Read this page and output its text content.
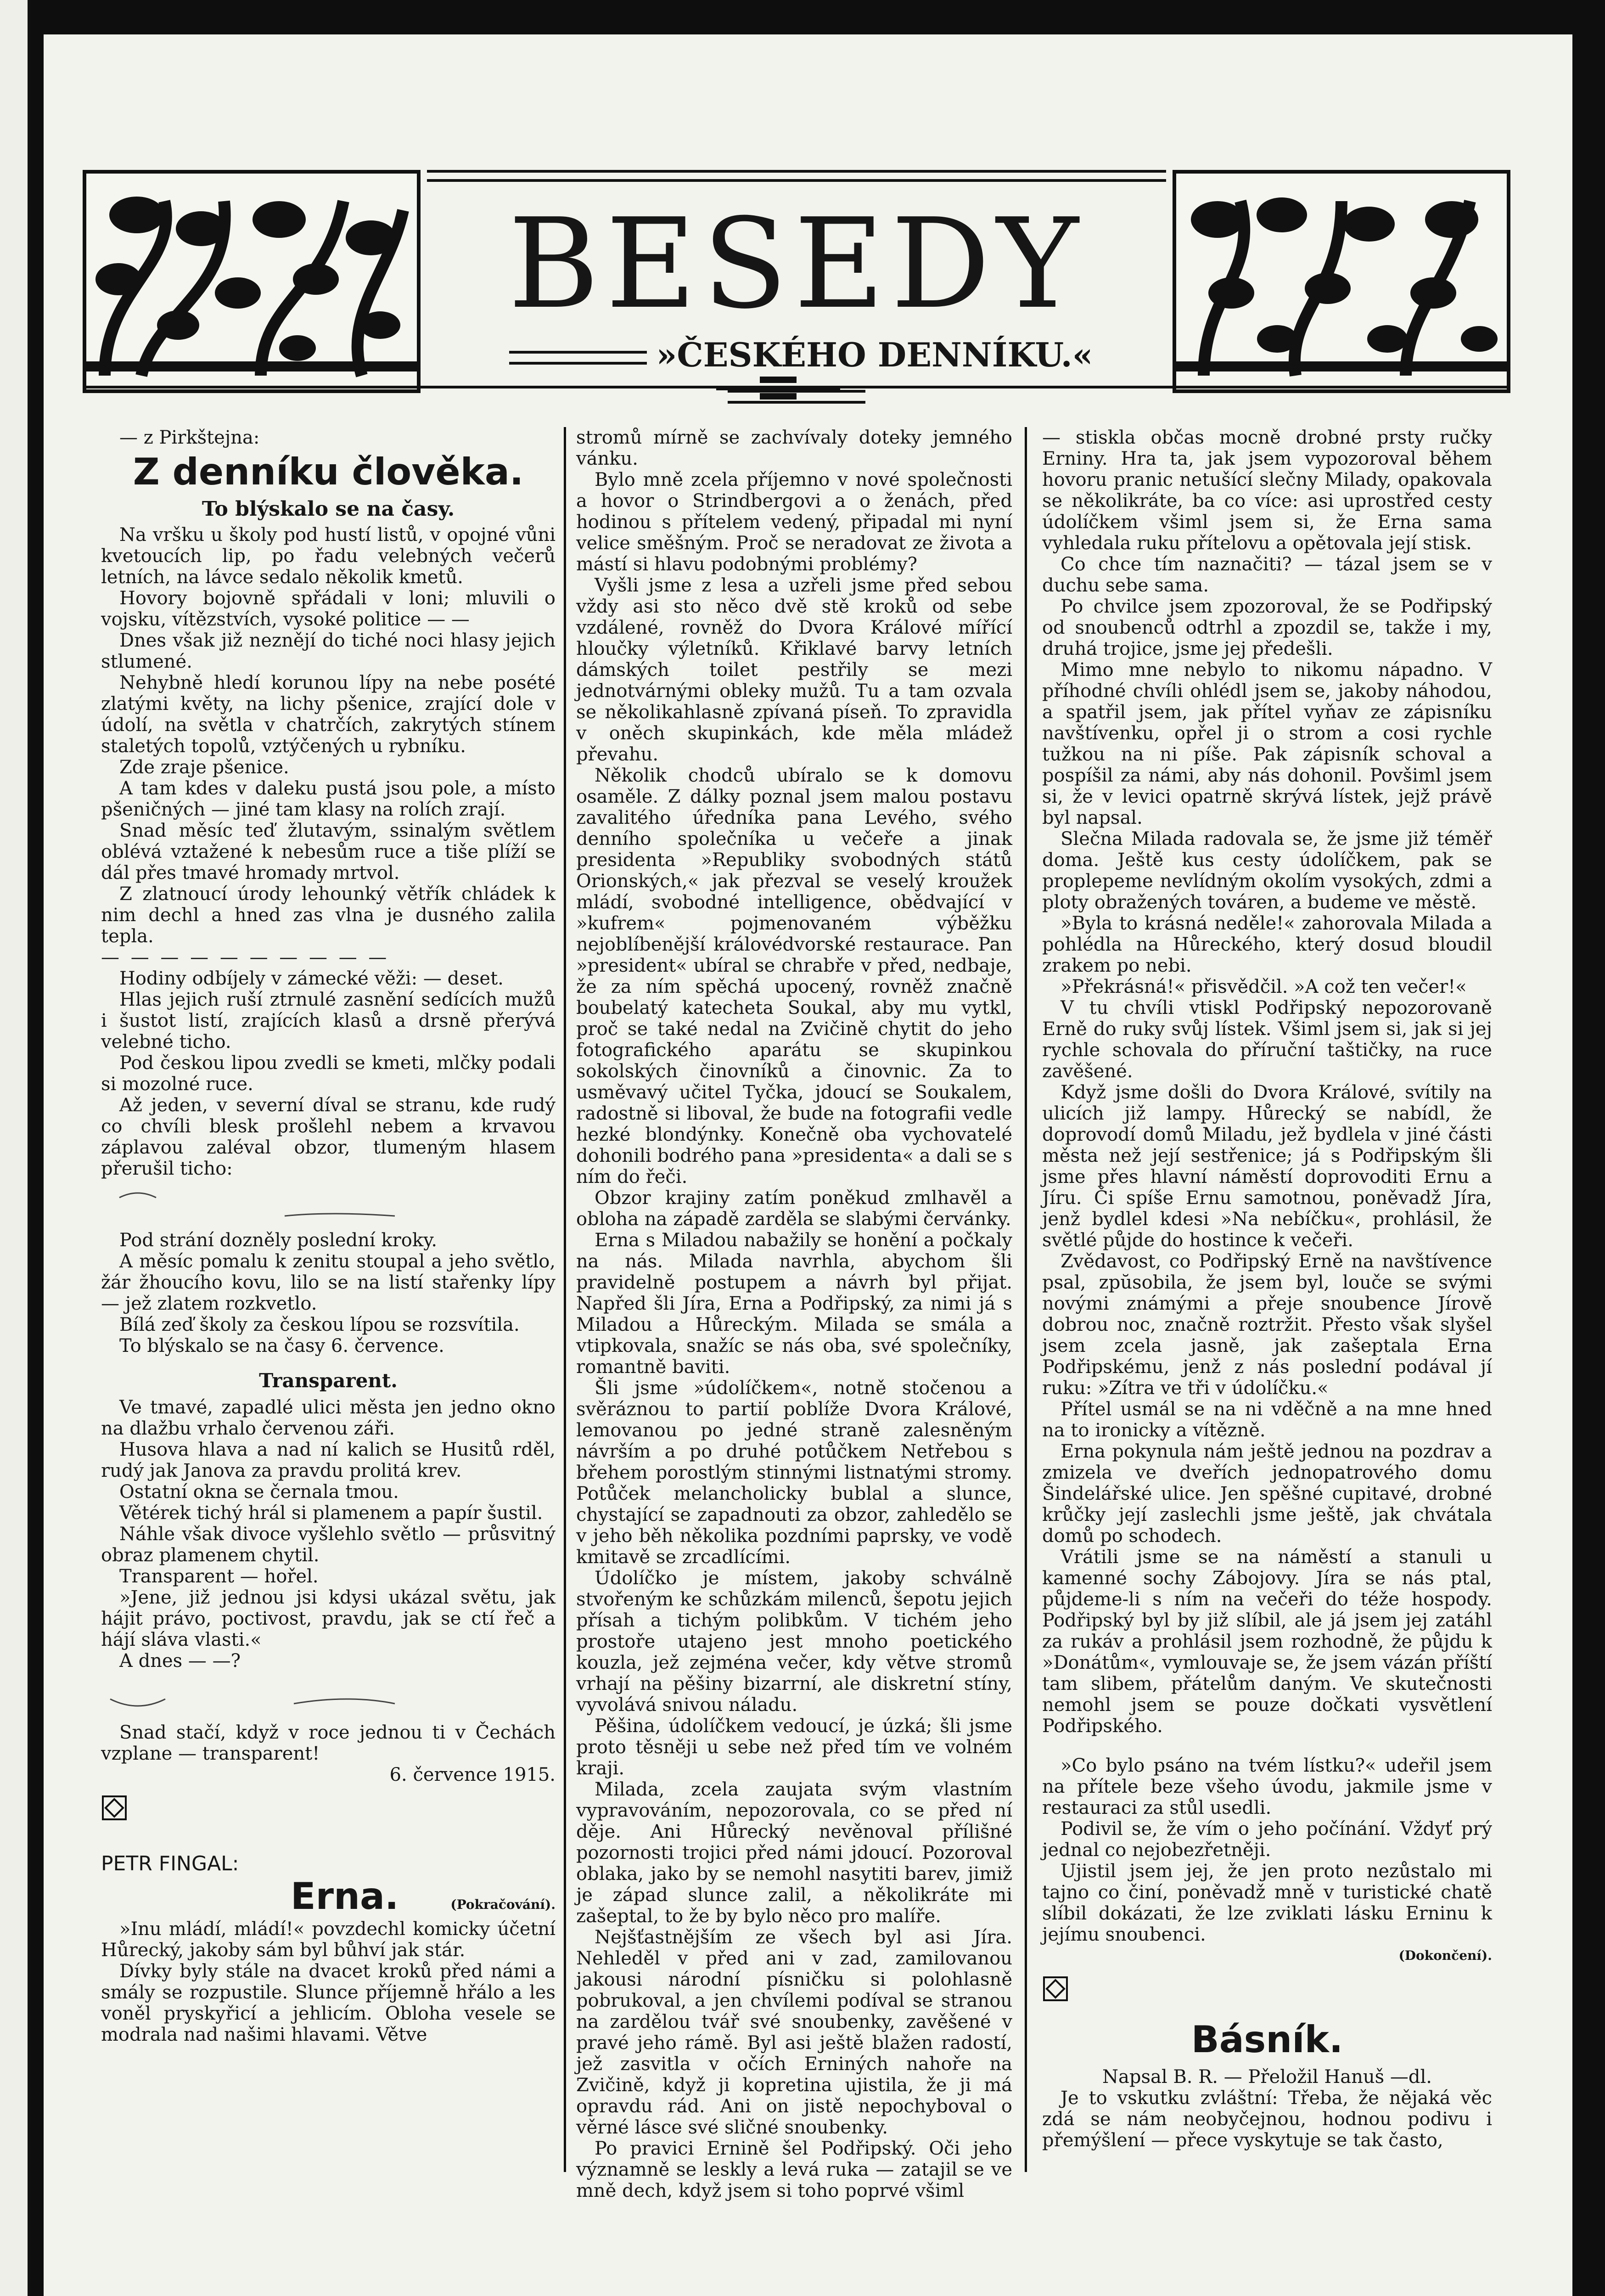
BESEDY
»ČESKÉHO DENNÍKU.«

— z Pirkštejna:

Z denníku člověka.
To blýskalo se na časy.

Na vršku u školy pod hustí listů, v opojné vůni kvetoucích lip, po řadu velebných večerů letních, na lávce sedalo několik kmetů.

Hovory bojovně spřádali v loni; mluvili o vojsku, vítězstvích, vysoké politice — —

Dnes však již neznějí do tiché noci hlasy jejich stlumené.

Nehybně hledí korunou lípy na nebe posété zlatými květy, na lichy pšenice, zrající dole v údolí, na světla v chatrčích, zakrytých stínem staletých topolů, vztýčených u rybníku.

Zde zraje pšenice.

A tam kdes v daleku pustá jsou pole, a místo pšeničných — jiné tam klasy na rolích zrají.

Snad měsíc teď žlutavým, ssinalým světlem oblévá vztažené k nebesům ruce a tiše plíží se dál přes tmavé hromady mrtvol.

Z zlatnoucí úrody lehounký větřík chládek k nim dechl a hned zas vlna je dusného zalila tepla.

— — — — — — — — — —

Hodiny odbíjely v zámecké věži: — deset.

Hlas jejich ruší ztrnulé zasnění sedících mužů i šustot listí, zrajících klasů a drsně přerývá velebné ticho.

Pod českou lipou zvedli se kmeti, mlčky podali si mozolné ruce.

Až jeden, v severní díval se stranu, kde rudý co chvíli blesk prošlehl nebem a krvavou záplavou zaléval obzor, tlumeným hlasem přerušil ticho:

Pod strání dozněly poslední kroky.

A měsíc pomalu k zenitu stoupal a jeho světlo, žár žhoucího kovu, lilo se na listí stařenky lípy — jež zlatem rozkvetlo.

Bílá zeď školy za českou lípou se rozsvítila.

To blýskalo se na časy 6. července.

Transparent.

Ve tmavé, zapadlé ulici města jen jedno okno na dlažbu vrhalo červenou záři.

Husova hlava a nad ní kalich se Husitů rděl, rudý jak Janova za pravdu prolitá krev.

Ostatní okna se černala tmou.

Větérek tichý hrál si plamenem a papír šustil.

Náhle však divoce vyšlehlo světlo — průsvitný obraz plamenem chytil.

Transparent — hořel.

»Jene, již jednou jsi kdysi ukázal světu, jak hájit právo, poctivost, pravdu, jak se ctí řeč a hájí sláva vlasti.«

A dnes — —?

Snad stačí, když v roce jednou ti v Čechách vzplane — transparent!

6. července 1915.

PETR FINGAL:
Erna.	(Pokračování).

»Inu mládí, mládí!« povzdechl komicky účetní Hůrecký, jakoby sám byl bůhví jak stár.

Dívky byly stále na dvacet kroků před námi a smály se rozpustile. Slunce příjemně hřálo a les voněl pryskyřicí a jehlicím. Obloha vesele se modrala nad našimi hlavami. Větve

stromů mírně se zachvívaly doteky jemného vánku.

Bylo mně zcela příjemno v nové společnosti a hovor o Strindbergovi a o ženách, před hodinou s přítelem vedený, připadal mi nyní velice směšným. Proč se neradovat ze života a mástí si hlavu podobnými problémy?

Vyšli jsme z lesa a uzřeli jsme před sebou vždy asi sto něco dvě stě kroků od sebe vzdálené, rovněž do Dvora Králové mířící hloučky výletníků. Křiklavé barvy letních dámských toilet pestřily se mezi jednotvárnými obleky mužů. Tu a tam ozvala se několikahlasně zpívaná píseň. To zpravidla v oněch skupinkách, kde měla mládež převahu.

Několik chodců ubíralo se k domovu osaměle. Z dálky poznal jsem malou postavu zavalitého úředníka pana Levého, svého denního společníka u večeře a jinak presidenta »Republiky svobodných států Orionských,« jak přezval se veselý kroužek mládí, svobodné intelligence, obědvající v »kufrem« pojmenovaném výběžku nejoblíbenější královédvorské restaurace. Pan »president« ubíral se chrabře v před, nedbaje, že za ním spěchá upocený, rovněž značně boubelatý katecheta Soukal, aby mu vytkl, proč se také nedal na Zvičině chytit do jeho fotografického aparátu se skupinkou sokolských činovníků a činovnic. Za to usměvavý učitel Tyčka, jdoucí se Soukalem, radostně si liboval, že bude na fotografii vedle hezké blondýnky. Konečně oba vychovatelé dohonili bodrého pana »presidenta« a dali se s ním do řeči.

Obzor krajiny zatím poněkud zmlhavěl a obloha na západě zarděla se slabými červánky.

Erna s Miladou nabažily se honění a počkaly na nás. Milada navrhla, abychom šli pravidelně postupem a návrh byl přijat. Napřed šli Jíra, Erna a Podřipský, za nimi já s Miladou a Hůreckým. Milada se smála a vtipkovala, snažíc se nás oba, své společníky, romantně baviti.

Šli jsme »údolíčkem«, notně stočenou a svěráznou to partií poblíže Dvora Králové, lemovanou po jedné straně zalesněným návrším a po druhé potůčkem Netřebou s břehem porostlým stinnými listnatými stromy. Potůček melancholicky bublal a slunce, chystající se zapadnouti za obzor, zahledělo se v jeho běh několika pozdními paprsky, ve vodě kmitavě se zrcadlícími.

Údolíčko je místem, jakoby schválně stvořeným ke schůzkám milenců, šepotu jejich přísah a tichým polibkům. V tichém jeho prostoře utajeno jest mnoho poetického kouzla, jež zejména večer, kdy větve stromů vrhají na pěšiny bizarrní, ale diskretní stíny, vyvolává snivou náladu.

Pěšina, údolíčkem vedoucí, je úzká; šli jsme proto těsněji u sebe než před tím ve volném kraji.

Milada, zcela zaujata svým vlastním vypravováním, nepozorovala, co se před ní děje. Ani Hůrecký nevěnoval přílišné pozornosti trojici před námi jdoucí. Pozoroval oblaka, jako by se nemohl nasytiti barev, jimiž je západ slunce zalil, a několikráte mi zašeptal, to že by bylo něco pro malíře.

Nejšťastnějším ze všech byl asi Jíra. Nehleděl v před ani v zad, zamilovanou jakousi národní písničku si polohlasně pobrukoval, a jen chvílemi podíval se stranou na zardělou tvář své snoubenky, zavěšené v pravé jeho rámě. Byl asi ještě blažen radostí, jež zasvitla v očích Erniných nahoře na Zvičině, když ji kopretina ujistila, že ji má opravdu rád. Ani on jistě nepochyboval o věrné lásce své sličné snoubenky.

Po pravici Ernině šel Podřipský. Oči jeho významně se leskly a levá ruka — zatajil se ve mně dech, když jsem si toho poprvé všiml

— stiskla občas mocně drobné prsty ručky Erniny. Hra ta, jak jsem vypozoroval během hovoru pranic netušící slečny Milady, opakovala se několikráte, ba co více: asi uprostřed cesty údolíčkem všiml jsem si, že Erna sama vyhledala ruku přítelovu a opětovala její stisk.

Co chce tím naznačiti? — tázal jsem se v duchu sebe sama.

Po chvilce jsem zpozoroval, že se Podřipský od snoubenců odtrhl a zpozdil se, takže i my, druhá trojice, jsme jej předešli.

Mimo mne nebylo to nikomu nápadno. V příhodné chvíli ohlédl jsem se, jakoby náhodou, a spatřil jsem, jak přítel vyňav ze zápisníku navštívenku, opřel ji o strom a cosi rychle tužkou na ni píše. Pak zápisník schoval a pospíšil za námi, aby nás dohonil. Povšiml jsem si, že v levici opatrně skrývá lístek, jejž právě byl napsal.

Slečna Milada radovala se, že jsme již téměř doma. Ještě kus cesty údolíčkem, pak se proplepeme nevlídným okolím vysokých, zdmi a ploty obražených továren, a budeme ve městě.

»Byla to krásná neděle!« zahorovala Milada a pohlédla na Hůreckého, který dosud bloudil zrakem po nebi.

»Překrásná!« přisvědčil. »A což ten večer!«

V tu chvíli vtiskl Podřipský nepozorovaně Erně do ruky svůj lístek. Všiml jsem si, jak si jej rychle schovala do příruční taštičky, na ruce zavěšené.

Když jsme došli do Dvora Králové, svítily na ulicích již lampy. Hůrecký se nabídl, že doprovodí domů Miladu, jež bydlela v jiné části města než její sestřenice; já s Podřipským šli jsme přes hlavní náměstí doprovoditi Ernu a Jíru. Či spíše Ernu samotnou, poněvadž Jíra, jenž bydlel kdesi »Na nebíčku«, prohlásil, že světlé půjde do hostince k večeři.

Zvědavost, co Podřipský Erně na navštívence psal, zpŭsobila, že jsem byl, louče se svými novými známými a přeje snoubence Jírově dobrou noc, značně roztržit. Přesto však slyšel jsem zcela jasně, jak zašeptala Erna Podřipskému, jenž z nás poslední podával jí ruku: »Zítra ve tři v údolíčku.«

Přítel usmál se na ni vděčně a na mne hned na to ironicky a vítězně.

Erna pokynula nám ještě jednou na pozdrav a zmizela ve dveřích jednopatrového domu Šindelářské ulice. Jen spěšné cupitavé, drobné krůčky její zaslechli jsme ještě, jak chvátala domů po schodech.

Vrátili jsme se na náměstí a stanuli u kamenné sochy Zábojovy. Jíra se nás ptal, půjdeme-li s ním na večeři do téže hospody. Podřipský byl by již slíbil, ale já jsem jej zatáhl za rukáv a prohlásil jsem rozhodně, že půjdu k »Donátům«, vymlouvaje se, že jsem vázán příští tam slibem, přátelům daným. Ve skutečnosti nemohl jsem se pouze dočkati vysvětlení Podřipského.

»Co bylo psáno na tvém lístku?« udeřil jsem na přítele beze všeho úvodu, jakmile jsme v restauraci za stůl usedli.

Podivil se, že vím o jeho počínání. Vždyť prý jednal co nejobezřetněji.

Ujistil jsem jej, že jen proto nezůstalo mi tajno co činí, poněvadž mně v turistické chatě slíbil dokázati, že lze zviklati lásku Erninu k jejímu snoubenci.

(Dokončení).

Básník.

Napsal B. R. — Přeložil Hanuš —dl.

Je to vskutku zvláštní: Třeba, že nějaká věc zdá se nám neobyčejnou, hodnou podivu i přemýšlení — přece vyskytuje se tak často,
